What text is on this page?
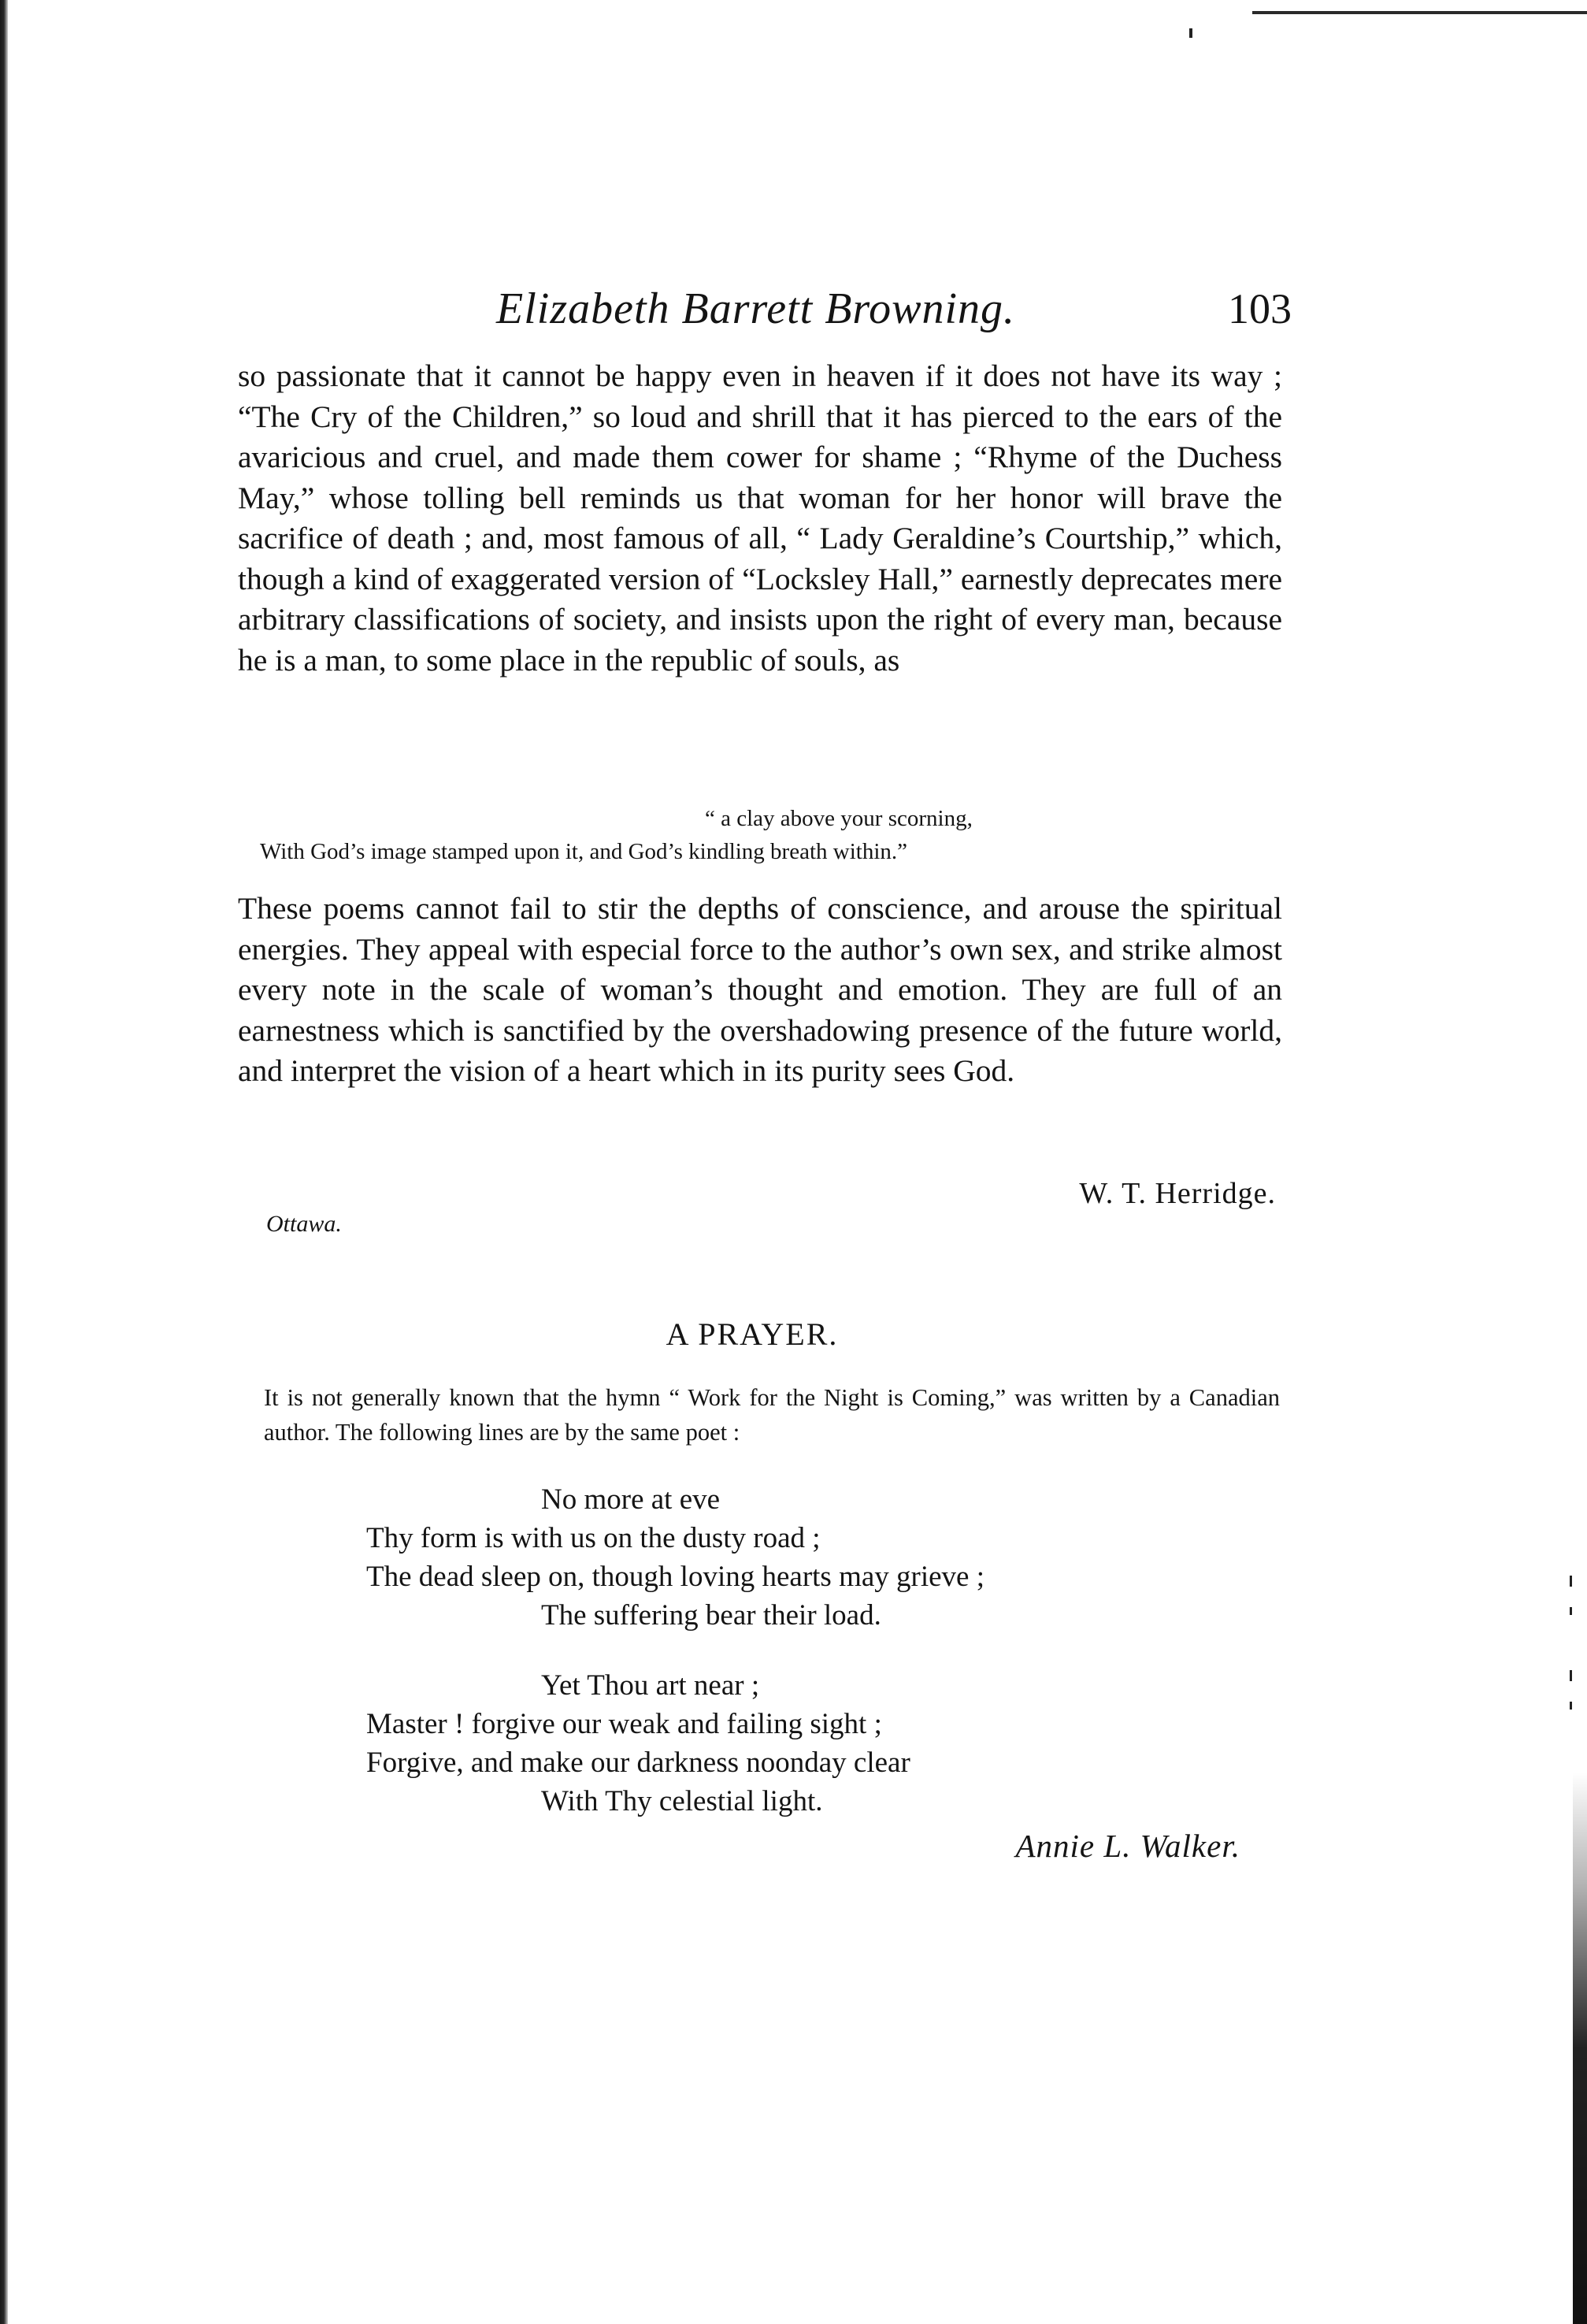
Elizabeth Barrett Browning.	103

so passionate that it cannot be happy even in heaven if it does not have its way ; “The Cry of the Children,” so loud and shrill that it has pierced to the ears of the avaricious and cruel, and made them cower for shame ; “Rhyme of the Duchess May,” whose tolling bell reminds us that woman for her honor will brave the sacrifice of death ; and, most famous of all, “ Lady Geraldine’s Courtship,” which, though a kind of exaggerated version of “Locksley Hall,” earnestly deprecates mere arbitrary classifications of society, and insists upon the right of every man, because he is a man, to some place in the republic of souls, as

“ a clay above your scorning,
With God’s image stamped upon it, and God’s kindling breath within.”

These poems cannot fail to stir the depths of conscience, and arouse the spiritual energies. They appeal with especial force to the author’s own sex, and strike almost every note in the scale of woman’s thought and emotion. They are full of an earnestness which is sanctified by the overshadowing presence of the future world, and interpret the vision of a heart which in its purity sees God.

W. T. Herridge.
Ottawa.
A PRAYER.
It is not generally known that the hymn “ Work for the Night is Coming,” was written by a Canadian author. The following lines are by the same poet :
No more at eve
Thy form is with us on the dusty road ;
The dead sleep on, though loving hearts may grieve ;
The suffering bear their load.
Yet Thou art near ;
Master ! forgive our weak and failing sight ;
Forgive, and make our darkness noonday clear
With Thy celestial light.
Annie L. Walker.
